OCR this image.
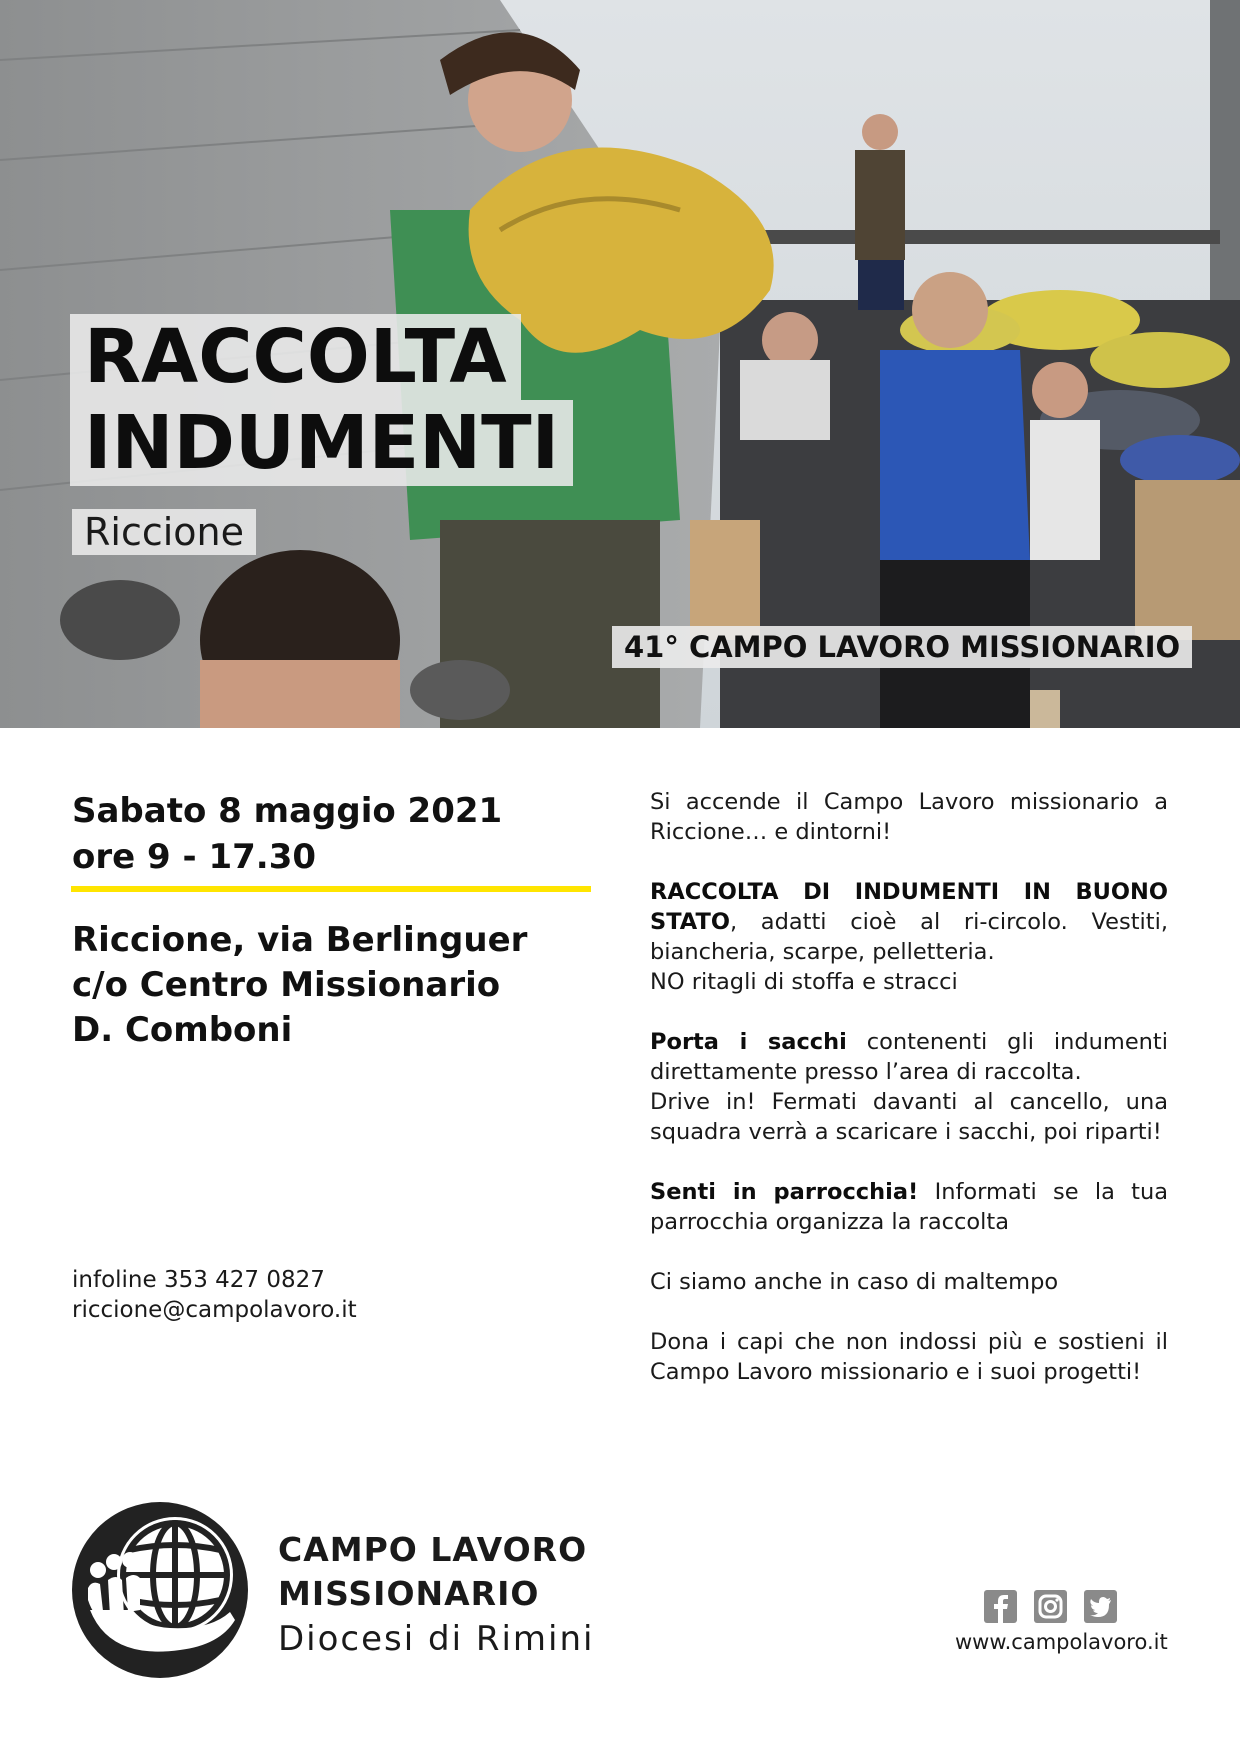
RACCOLTA
INDUMENTI
Riccione
41° CAMPO LAVORO MISSIONARIO

Sabato 8 maggio 2021

ore 9 - 17.30

Riccione, via Berlinguer

c/o Centro Missionario

D. Comboni

infoline 353 427 0827

riccione@campolavoro.it

Si accende il Campo Lavoro missionario a Riccione… e dintorni!

RACCOLTA DI INDUMENTI IN BUONO STATO, adatti cioè al ri-circolo. Vestiti, biancheria, scarpe, pelletteria.
NO ritagli di stoffa e stracci

Porta i sacchi contenenti gli indumenti direttamente presso l’area di raccolta.
Drive in! Fermati davanti al cancello, una squadra verrà a scaricare i sacchi, poi riparti!

Senti in parrocchia! Informati se la tua parrocchia organizza la raccolta

Ci siamo anche in caso di maltempo

Dona i capi che non indossi più e sostieni il Campo Lavoro missionario e i suoi progetti!

CAMPO LAVORO
MISSIONARIO
Diocesi di Rimini	www.campolavoro.it
